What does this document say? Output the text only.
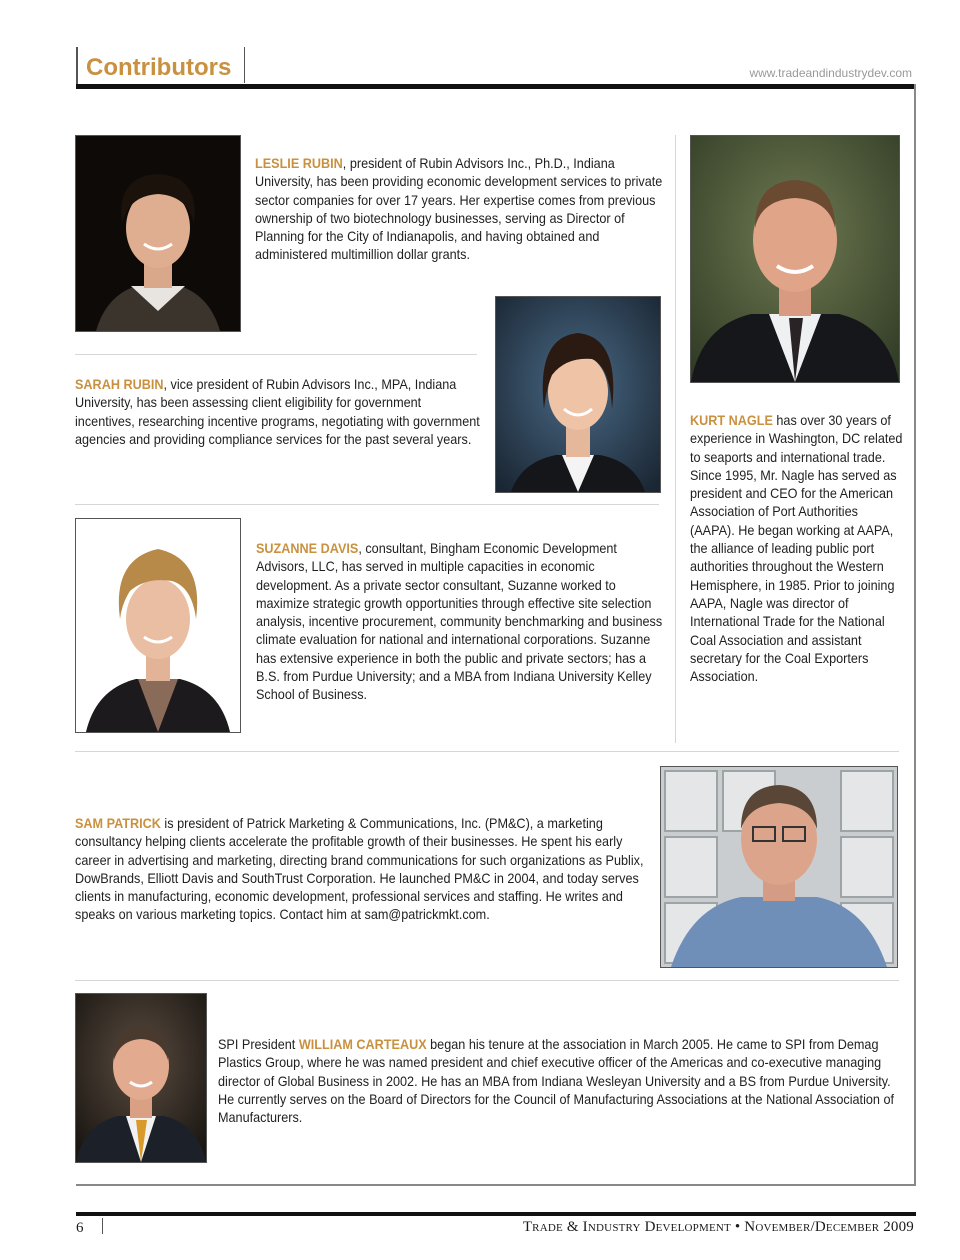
Contributors	www.tradeandindustrydev.com
LESLIE RUBIN, president of Rubin Advisors Inc., Ph.D., Indiana University, has been providing economic development services to private sector companies for over 17 years. Her expertise comes from previous ownership of two biotechnology businesses, serving as Director of Planning for the City of Indianapolis, and having obtained and administered multimillion dollar grants.
SARAH RUBIN, vice president of Rubin Advisors Inc., MPA, Indiana University, has been assessing client eligibility for government incentives, researching incentive programs, negotiating with government agencies and providing compliance services for the past several years.
KURT NAGLE has over 30 years of experience in Washington, DC related to seaports and international trade. Since 1995, Mr. Nagle has served as president and CEO for the American Association of Port Authorities (AAPA). He began working at AAPA, the alliance of leading public port authorities throughout the Western Hemisphere, in 1985. Prior to joining AAPA, Nagle was director of International Trade for the National Coal Association and assistant secretary for the Coal Exporters Association.
SUZANNE DAVIS, consultant, Bingham Economic Development Advisors, LLC, has served in multiple capacities in economic development. As a private sector consultant, Suzanne worked to maximize strategic growth opportunities through effective site selection analysis, incentive procurement, community benchmarking and business climate evaluation for national and international corporations. Suzanne has extensive experience in both the public and private sectors; has a B.S. from Purdue University; and a MBA from Indiana University Kelley School of Business.
SAM PATRICK is president of Patrick Marketing & Communications, Inc. (PM&C), a marketing consultancy helping clients accelerate the profitable growth of their businesses. He spent his early career in advertising and marketing, directing brand communications for such organizations as Publix, DowBrands, Elliott Davis and SouthTrust Corporation. He launched PM&C in 2004, and today serves clients in manufacturing, economic development, professional services and staffing. He writes and speaks on various marketing topics. Contact him at sam@patrickmkt.com.
SPI President WILLIAM CARTEAUX began his tenure at the association in March 2005. He came to SPI from Demag Plastics Group, where he was named president and chief executive officer of the Americas and co-executive managing director of Global Business in 2002. He has an MBA from Indiana Wesleyan University and a BS from Purdue University. He currently serves on the Board of Directors for the Council of Manufacturing Associations at the National Association of Manufacturers.
6	Trade & Industry Development • November/December 2009
